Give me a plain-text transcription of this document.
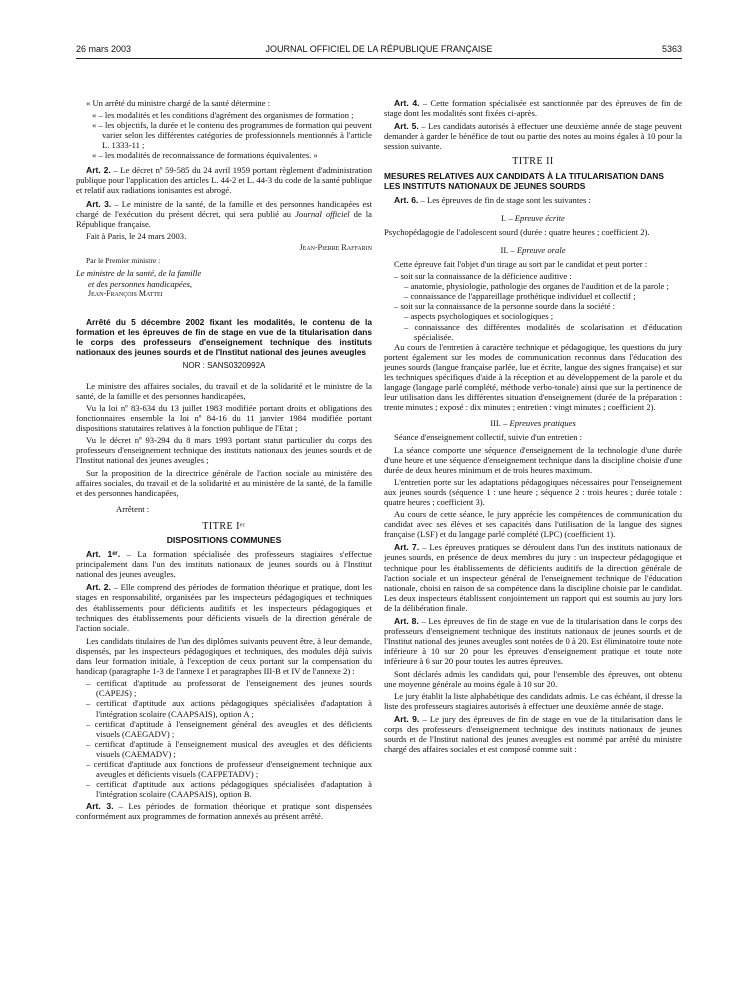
26 mars 2003	JOURNAL OFFICIEL DE LA RÉPUBLIQUE FRANÇAISE	5363

« Un arrêté du ministre chargé de la santé détermine :

« – les modalités et les conditions d'agrément des organismes de formation ;

« – les objectifs, la durée et le contenu des programmes de formation qui peuvent varier selon les différentes catégories de professionnels mentionnés à l'article L. 1333-11 ;

« – les modalités de reconnaissance de formations équivalentes. »

Art. 2. – Le décret nº 59-585 du 24 avril 1959 portant règlement d'administration publique pour l'application des articles L. 44-2 et L. 44-3 du code de la santé publique et relatif aux radiations ionisantes est abrogé.

Art. 3. – Le ministre de la santé, de la famille et des personnes handicapées est chargé de l'exécution du présent décret, qui sera publié au Journal officiel de la République française.

Fait à Paris, le 24 mars 2003.

Jean-Pierre Raffarin

Par le Premier ministre :

Le ministre de la santé, de la famille

et des personnes handicapées,

Jean-François Mattei

Arrêté du 5 décembre 2002 fixant les modalités, le contenu de la formation et les épreuves de fin de stage en vue de la titularisation dans le corps des professeurs d'enseignement technique des instituts nationaux des jeunes sourds et de l'Institut national des jeunes aveugles

NOR : SANS0320992A

Le ministre des affaires sociales, du travail et de la solidarité et le ministre de la santé, de la famille et des personnes handicapées,

Vu la loi nº 83-634 du 13 juillet 1983 modifiée portant droits et obligations des fonctionnaires ensemble la loi nº 84-16 du 11 janvier 1984 modifiée portant dispositions statutaires relatives à la fonction publique de l'Etat ;

Vu le décret nº 93-294 du 8 mars 1993 portant statut particulier du corps des professeurs d'enseignement technique des instituts nationaux des jeunes sourds et de l'Institut national des jeunes aveugles ;

Sur la proposition de la directrice générale de l'action sociale au ministère des affaires sociales, du travail et de la solidarité et au ministère de la santé, de la famille et des personnes handicapées,

Arrêtent :

TITRE Iᵉʳ

DISPOSITIONS COMMUNES

Art. 1ᵉʳ. – La formation spécialisée des professeurs stagiaires s'effectue principalement dans l'un des instituts nationaux de jeunes sourds ou à l'Institut national des jeunes aveugles.

Art. 2. – Elle comprend des périodes de formation théorique et pratique, dont les stages en responsabilité, organisées par les inspecteurs pédagogiques et techniques des établissements pour déficients auditifs et les inspecteurs pédagogiques et techniques des établissements pour déficients visuels de la direction générale de l'action sociale.

Les candidats titulaires de l'un des diplômes suivants peuvent être, à leur demande, dispensés, par les inspecteurs pédagogiques et techniques, des modules déjà suivis dans leur formation initiale, à l'exception de ceux portant sur la compensation du handicap (paragraphe 1-3 de l'annexe I et paragraphes III-B et IV de l'annexe 2) :

– certificat d'aptitude au professorat de l'enseignement des jeunes sourds (CAPEJS) ;

– certificat d'aptitude aux actions pédagogiques spécialisées d'adaptation à l'intégration scolaire (CAAPSAIS), option A ;

– certificat d'aptitude à l'enseignement général des aveugles et des déficients visuels (CAEGADV) ;

– certificat d'aptitude à l'enseignement musical des aveugles et des déficients visuels (CAEMADV) ;

– certificat d'aptitude aux fonctions de professeur d'enseignement technique aux aveugles et déficients visuels (CAFPETADV) ;

– certificat d'aptitude aux actions pédagogiques spécialisées d'adaptation à l'intégration scolaire (CAAPSAIS), option B.

Art. 3. – Les périodes de formation théorique et pratique sont dispensées conformément aux programmes de formation annexés au présent arrêté.

Art. 4. – Cette formation spécialisée est sanctionnée par des épreuves de fin de stage dont les modalités sont fixées ci-après.

Art. 5. – Les candidats autorisés à effectuer une deuxième année de stage peuvent demander à garder le bénéfice de tout ou partie des notes au moins égales à 10 pour la session suivante.

TITRE II

MESURES RELATIVES AUX CANDIDATS À LA TITULARISATION DANS LES INSTITUTS NATIONAUX DE JEUNES SOURDS

Art. 6. – Les épreuves de fin de stage sont les suivantes :

I. – Epreuve écrite

Psychopédagogie de l'adolescent sourd (durée : quatre heures ; coefficient 2).

II. – Epreuve orale

Cette épreuve fait l'objet d'un tirage au sort par le candidat et peut porter :

– soit sur la connaissance de la déficience auditive :

– anatomie, physiologie, pathologie des organes de l'audition et de la parole ;

– connaissance de l'appareillage prothétique individuel et collectif ;

– soit sur la connaissance de la personne sourde dans la société :

– aspects psychologiques et sociologiques ;

– connaissance des différentes modalités de scolarisation et d'éducation spécialisée.

Au cours de l'entretien à caractère technique et pédagogique, les questions du jury portent également sur les modes de communication reconnus dans l'éducation des jeunes sourds (langue française parlée, lue et écrite, langue des signes française) et sur les techniques spécifiques d'aide à la réception et au développement de la parole et du langage (langage parlé complété, méthode verbo-tonale) ainsi que sur la pertinence de leur utilisation dans les différentes situation d'enseignement (durée de la préparation : trente minutes ; exposé : dix minutes ; entretien : vingt minutes ; coefficient 2).

III. – Epreuves pratiques

Séance d'enseignement collectif, suivie d'un entretien :

La séance comporte une séquence d'enseignement de la technologie d'une durée d'une heure et une séquence d'enseignement technique dans la discipline choisie d'une durée de deux heures minimum et de trois heures maximum.

L'entretien porte sur les adaptations pédagogiques nécessaires pour l'enseignement aux jeunes sourds (séquence 1 : une heure ; séquence 2 : trois heures ; durée totale : quatre heures ; coefficient 3).

Au cours de cette séance, le jury apprécie les compétences de communication du candidat avec ses élèves et ses capacités dans l'utilisation de la langue des signes française (LSF) et du langage parlé complété (LPC) (coefficient 1).

Art. 7. – Les épreuves pratiques se déroulent dans l'un des instituts nationaux de jeunes sourds, en présence de deux membres du jury : un inspecteur pédagogique et technique pour les établissements de déficients auditifs de la direction générale de l'action sociale et un inspecteur général de l'enseignement technique de l'éducation nationale, choisi en raison de sa compétence dans la discipline choisie par le candidat. Les deux inspecteurs établissent conjointement un rapport qui est soumis au jury lors de la délibération finale.

Art. 8. – Les épreuves de fin de stage en vue de la titularisation dans le corps des professeurs d'enseignement technique des instituts nationaux de jeunes sourds et de l'Institut national des jeunes aveugles sont notées de 0 à 20. Est éliminatoire toute note inférieure à 10 sur 20 pour les épreuves d'enseignement pratique et toute note inférieure à 6 sur 20 pour toutes les autres épreuves.

Sont déclarés admis les candidats qui, pour l'ensemble des épreuves, ont obtenu une moyenne générale au moins égale à 10 sur 20.

Le jury établit la liste alphabétique des candidats admis. Le cas échéant, il dresse la liste des professeurs stagiaires autorisés à effectuer une deuxième année de stage.

Art. 9. – Le jury des épreuves de fin de stage en vue de la titularisation dans le corps des professeurs d'enseignement technique des instituts nationaux de jeunes sourds et de l'Institut national des jeunes aveugles est nommé par arrêté du ministre chargé des affaires sociales et est composé comme suit :
